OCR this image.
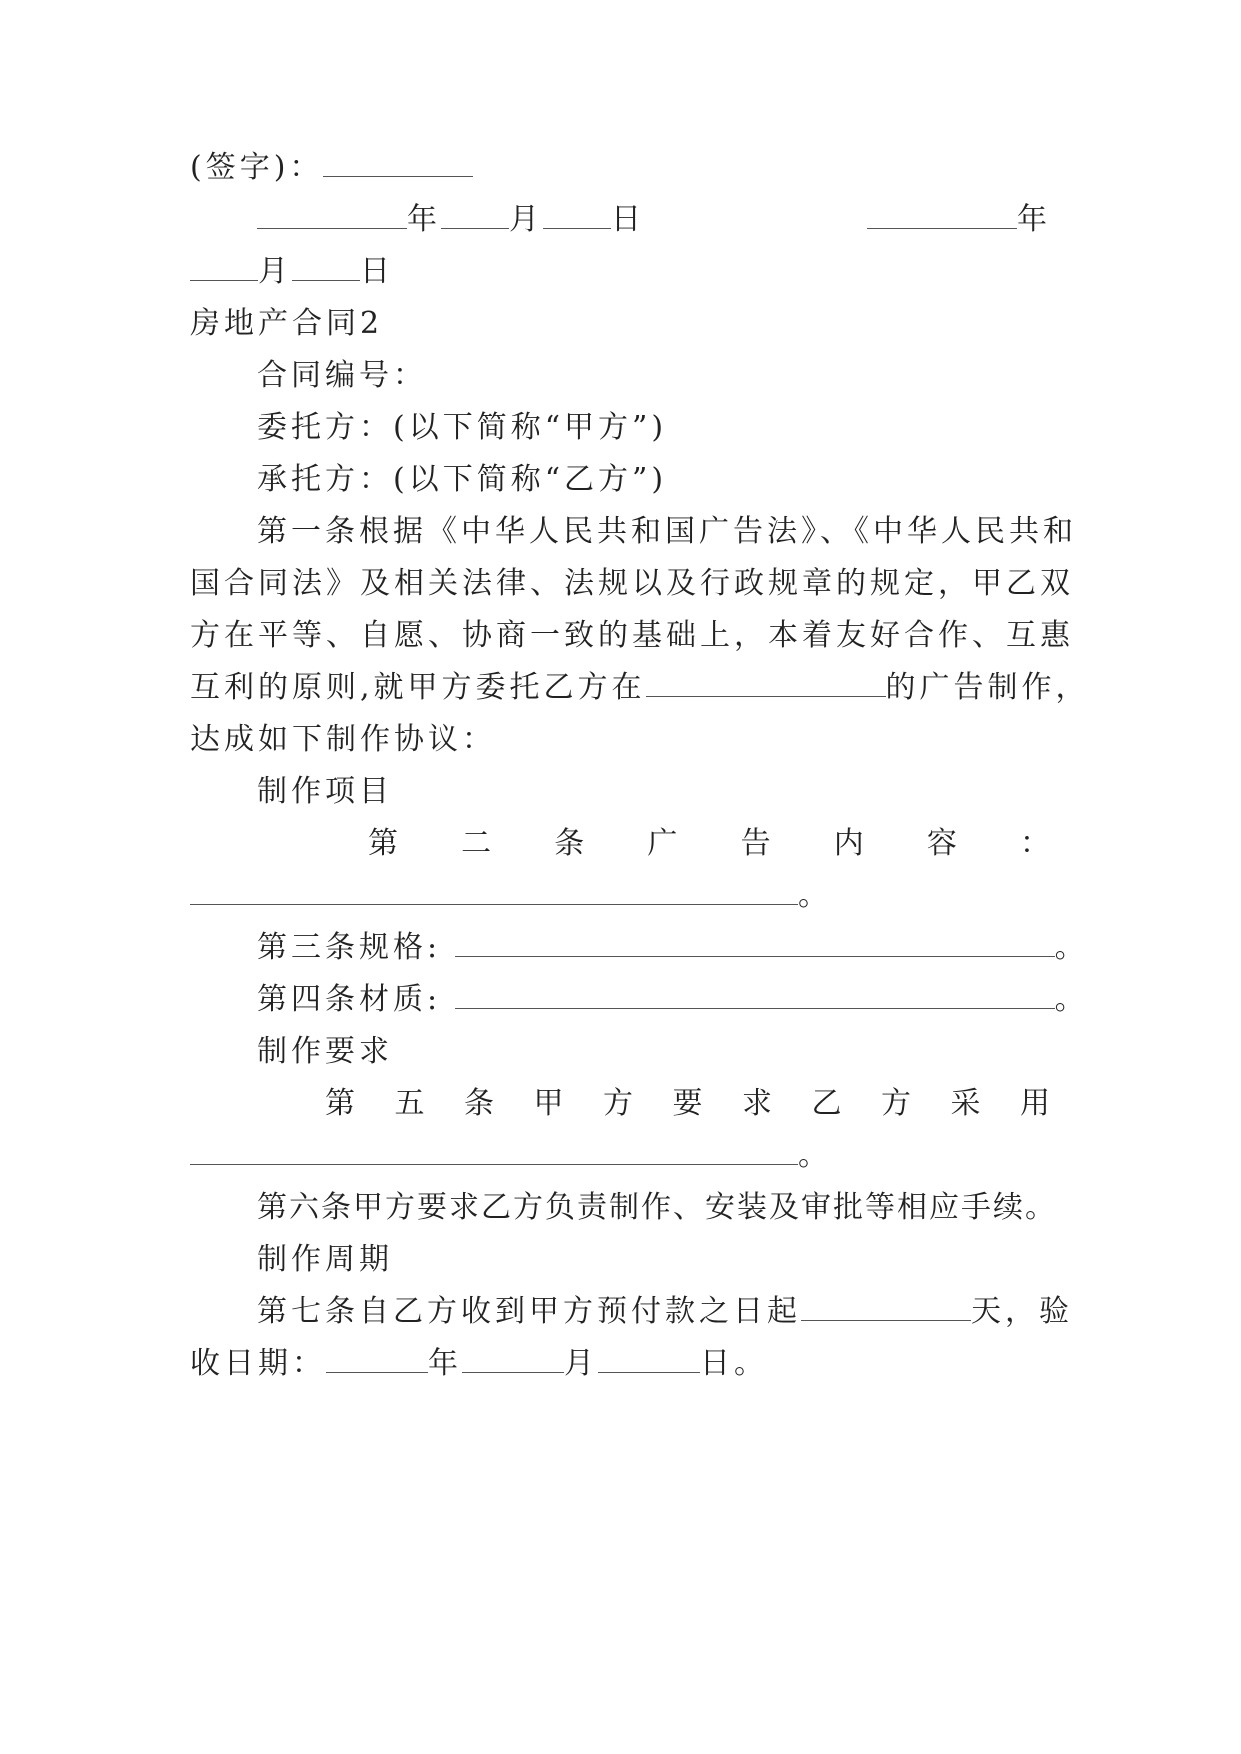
(签字)：
年 月 日	年
月 日
房地产合同2
合同编号：
委托方：(以下简称“甲方”)
承托方：(以下简称“乙方”)
第一条根据《中华人民共和国广告法》、《中华人民共和
国合同法》及相关法律、法规以及行政规章的规定，甲乙双
方在平等、自愿、协商一致的基础上，本着友好合作、互惠
互利的原则,就甲方委托乙方在	的广告制作，
达成如下制作协议：
制作项目
第 二 条 广 告 内 容 ：
。
第三条规格:	。
第四条材质:	。
制作要求
第 五 条 甲 方 要 求 乙 方 采 用
。
第六条甲方要求乙方负责制作、安装及审批等相应手续。
制作周期
第七条自乙方收到甲方预付款之日起	天，验
收日期：	年	月	日。
